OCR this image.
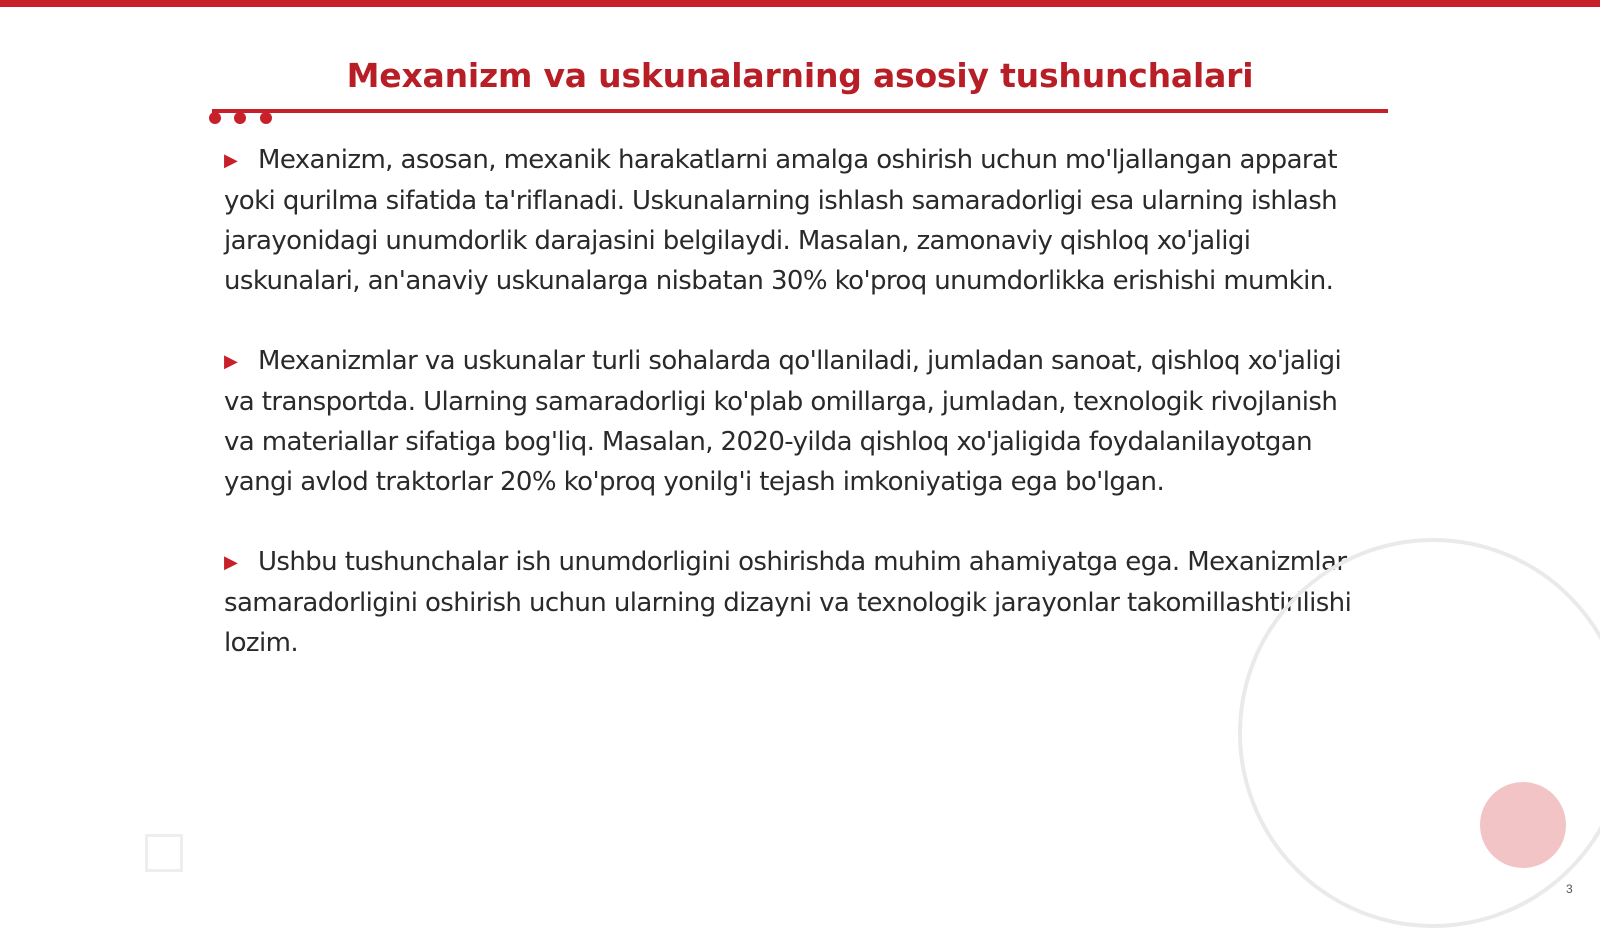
Mexanizm va uskunalarning asosiy tushunchalari

▶ Mexanizm, asosan, mexanik harakatlarni amalga oshirish uchun mo'ljallangan apparat yoki qurilma sifatida ta'riflanadi. Uskunalarning ishlash samaradorligi esa ularning ishlash jarayonidagi unumdorlik darajasini belgilaydi. Masalan, zamonaviy qishloq xo'jaligi uskunalari, an'anaviy uskunalarga nisbatan 30% ko'proq unumdorlikka erishishi mumkin.

▶ Mexanizmlar va uskunalar turli sohalarda qo'llaniladi, jumladan sanoat, qishloq xo'jaligi va transportda. Ularning samaradorligi ko'plab omillarga, jumladan, texnologik rivojlanish va materiallar sifatiga bog'liq. Masalan, 2020-yilda qishloq xo'jaligida foydalanilayotgan yangi avlod traktorlar 20% ko'proq yonilg'i tejash imkoniyatiga ega bo'lgan.

▶ Ushbu tushunchalar ish unumdorligini oshirishda muhim ahamiyatga ega. Mexanizmlar samaradorligini oshirish uchun ularning dizayni va texnologik jarayonlar takomillashtirilishi lozim.

3
